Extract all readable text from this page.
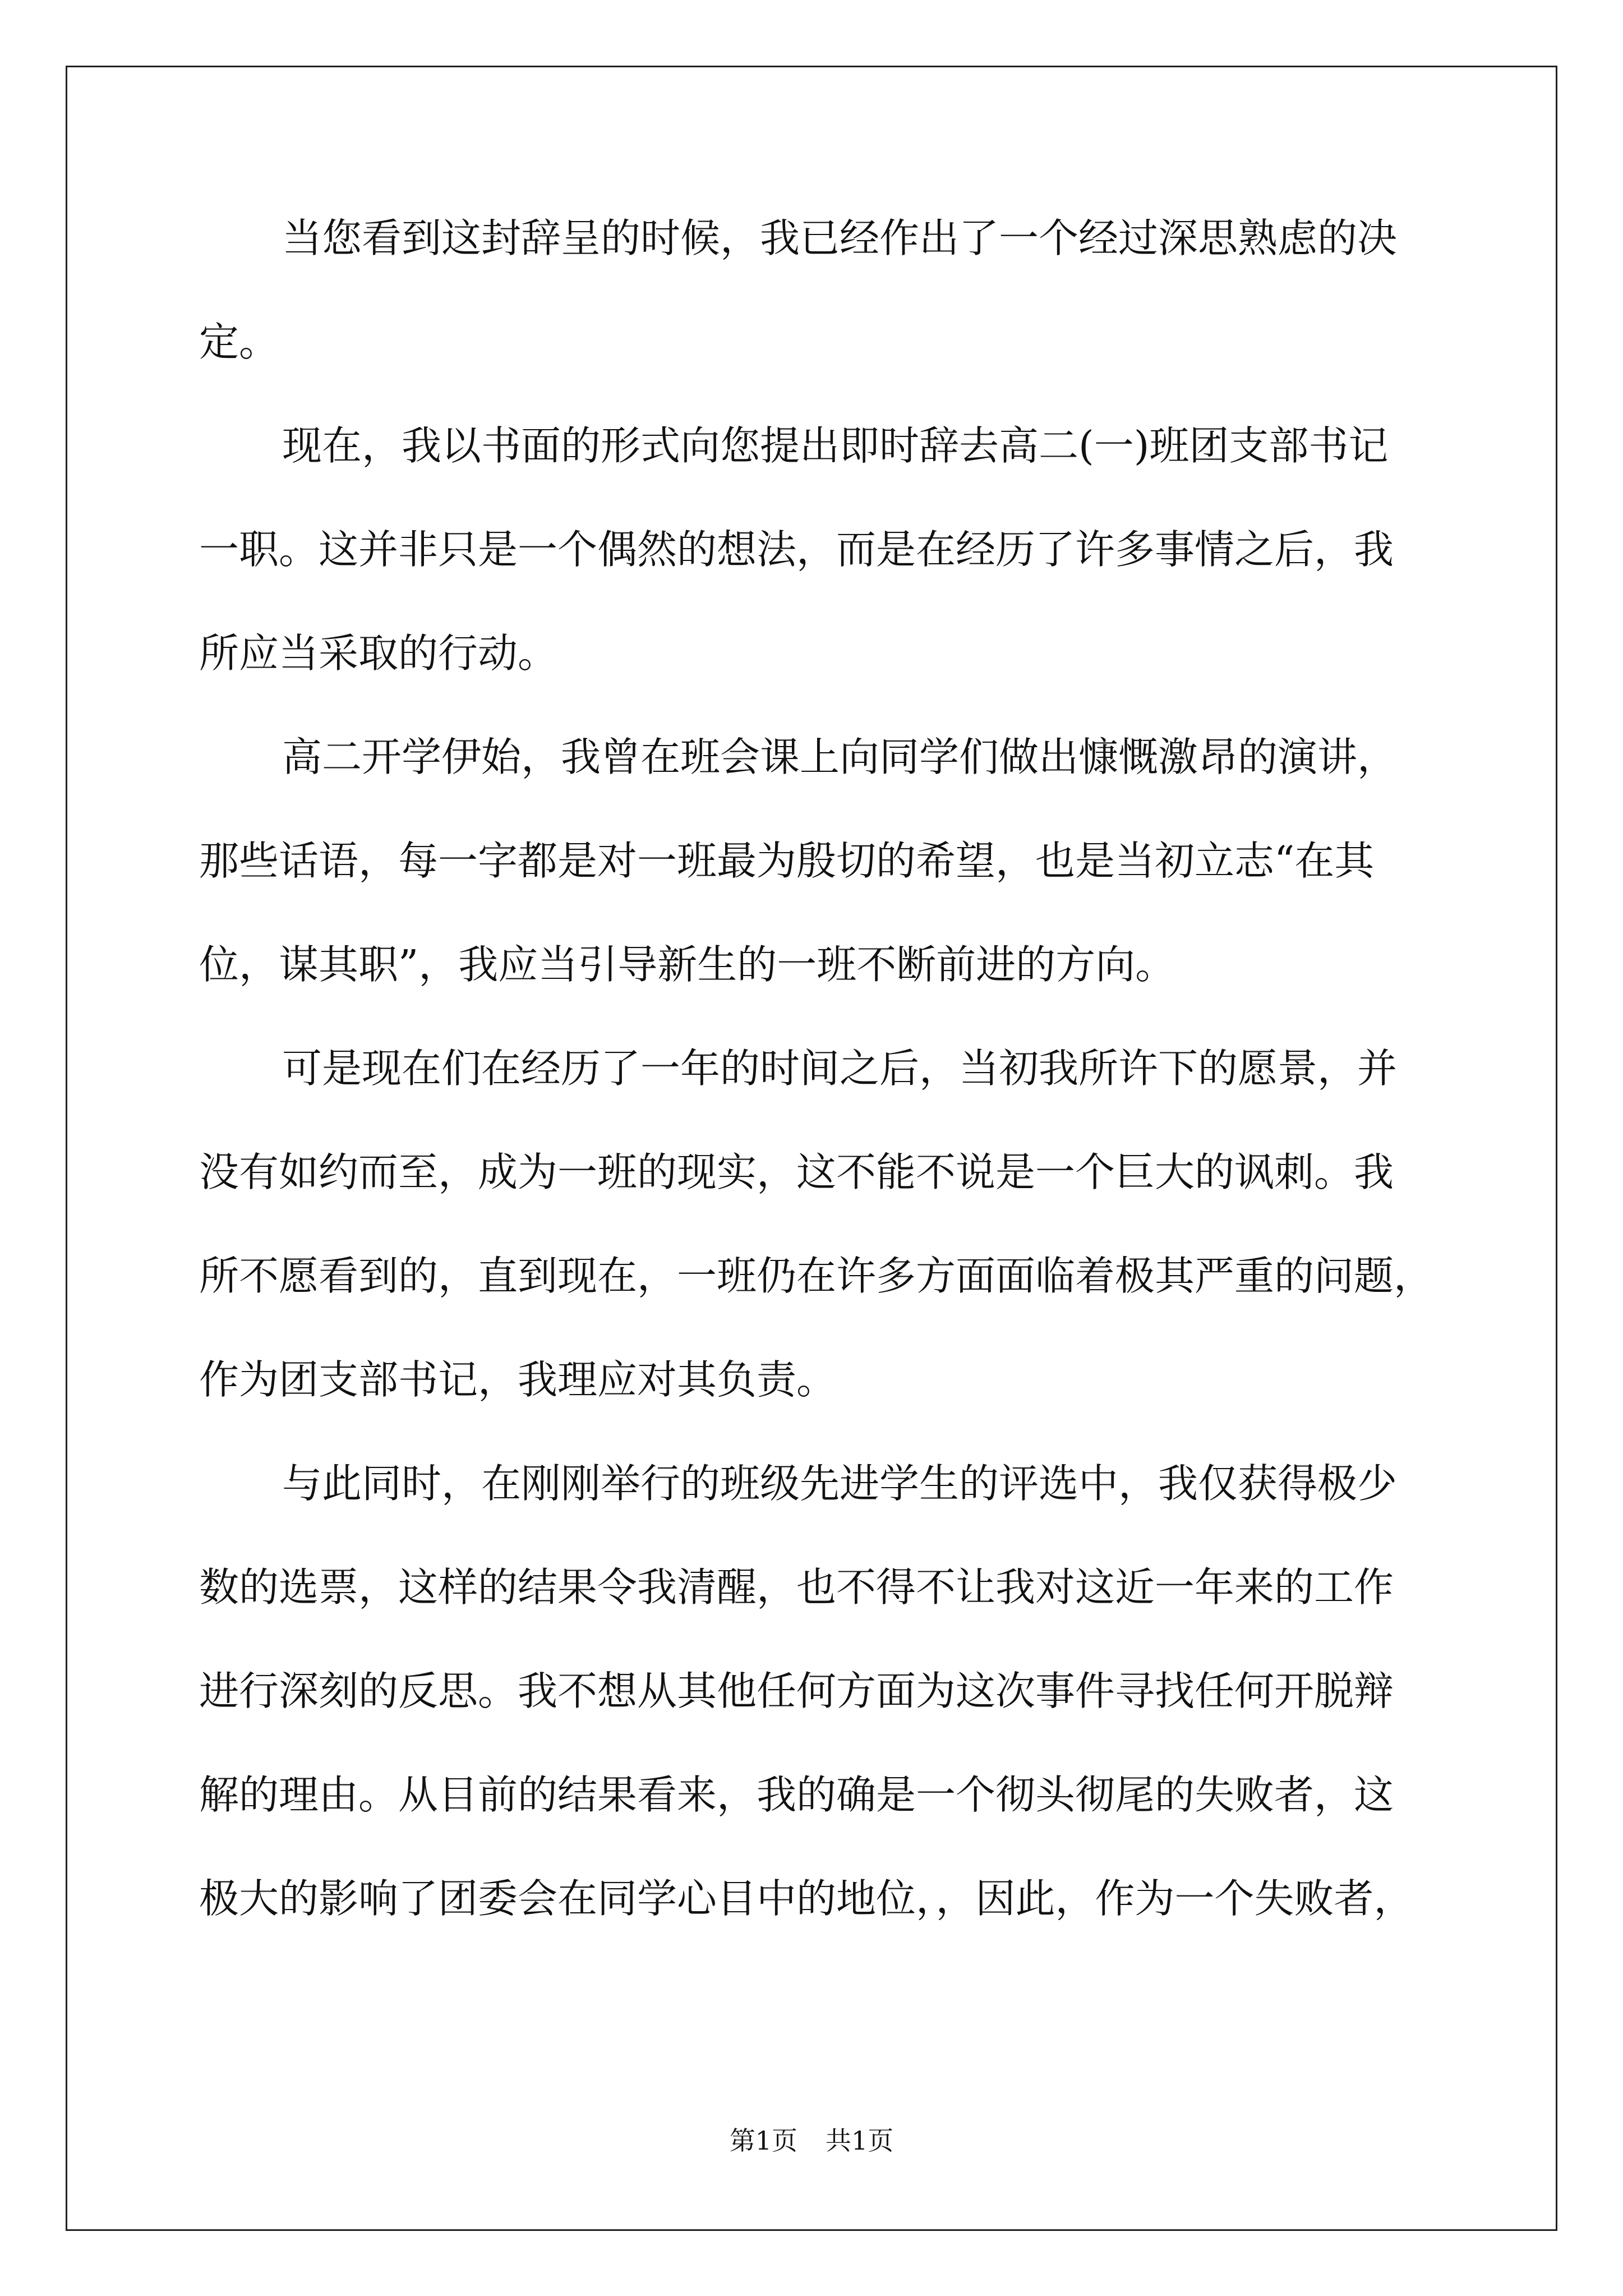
当您看到这封辞呈的时候，我已经作出了一个经过深思熟虑的决
定。
现在，我以书面的形式向您提出即时辞去高二(一)班团支部书记
一职。这并非只是一个偶然的想法，而是在经历了许多事情之后，我
所应当采取的行动。
高二开学伊始，我曾在班会课上向同学们做出慷慨激昂的演讲，
那些话语，每一字都是对一班最为殷切的希望，也是当初立志“在其
位，谋其职”，我应当引导新生的一班不断前进的方向。
可是现在们在经历了一年的时间之后，当初我所许下的愿景，并
没有如约而至，成为一班的现实，这不能不说是一个巨大的讽刺。我
所不愿看到的，直到现在，一班仍在许多方面面临着极其严重的问题，
作为团支部书记，我理应对其负责。
与此同时，在刚刚举行的班级先进学生的评选中，我仅获得极少
数的选票，这样的结果令我清醒，也不得不让我对这近一年来的工作
进行深刻的反思。我不想从其他任何方面为这次事件寻找任何开脱辩
解的理由。从目前的结果看来，我的确是一个彻头彻尾的失败者，这
极大的影响了团委会在同学心目中的地位，，因此，作为一个失败者，
第1页 共1页
